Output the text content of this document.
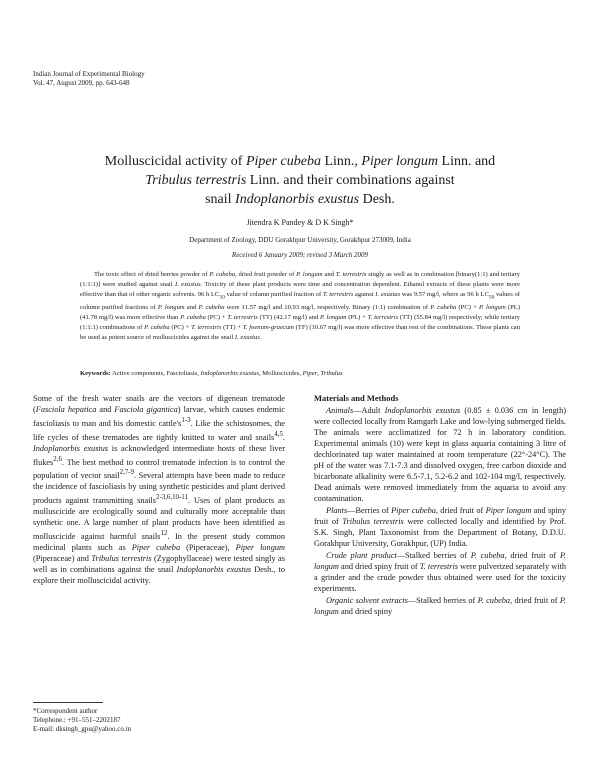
Indian Journal of Experimental Biology
Vol. 47, August 2009, pp. 643-648
Molluscicidal activity of Piper cubeba Linn., Piper longum Linn. and
Tribulus terrestris Linn. and their combinations against
snail Indoplanorbis exustus Desh.
Jitendra K Pandey & D K Singh*
Department of Zoology, DDU Gorakhpur University, Gorakhpur 273009, India
Received 6 January 2009; revised 3 March 2009
The toxic effect of dried berries powder of P. cubeba, dried fruit powder of P. longum and T. terrestris singly as well as in combination [binary(1:1) and tertiary (1:1:1)] were studied against snail I. exustus. Toxicity of these plant products were time and concentration dependent. Ethanol extracts of these plants were more effective than that of other organic solvents. 96 h $LC_{50}$ value of column purified fraction of T. terrestris against I. exustus was 9.57 mg/l, where as 96 h $LC_{50}$ values of column purified fractions of P. longum and P. cubeba were 11.57 mg/l and 10.93 mg/l, respectively. Binary (1:1) combination of P. cubeba (PC) + P. longum (PL) (41.78 mg/l) was more effective than P. cubeba (PC) + T. terrestris (TT) (42.17 mg/l) and P. longum (PL) + T. terrestris (TT) (55.84 mg/l) respectively; while tertiary (1:1:1) combinations of P. cubeba (PC) + T. terrestris (TT) + T. foenum-graecum (TF) (10.67 mg/l) was more effective than rest of the combinations. These plants can be used as potent source of molluscicides against the snail I. exustus.
Keywords: Active components, Fascioliasis, Indoplanorbis exustus, Molluscicides, Piper, Tribulus

Some of the fresh water snails are the vectors of digenean trematode (Fasciola hepatica and Fasciola gigantica) larvae, which causes endemic fascioliasis to man and his domestic $cattle's^{1-3}$. Like the schistosomes, the life cycles of these trematodes are tightly knitted to water and snails$^{4,5}$. Indoplanorbis exustus is acknowledged intermediate hosts of these liver flukes$^{2,6}$. The best method to control trematode infection is to control the population of vector snail$^{2,7-9}$. Several attempts have been made to reduce the incidence of fascioliasis by using synthetic pesticides and plant derived products against transmitting snails$^{2-3,6,10-11}$. Uses of plant products as molluscicide are ecologically sound and culturally more acceptable than synthetic one. A large number of plant products have been identified as molluscicide against harmful snails$^{12}$. In the present study common medicinal plants such as Piper cubeba (Piperaceae), Piper longum (Piperaceae) and Tribulus terrestris (Zygophyllaceae) were tested singly as well as in combinations against the snail Indoplanorbis exustus Desh., to explore their molluscicidal activity.

*Correspondent author
Telephone.: +91–551–2202187
E-mail: dksingh_gpu@yahoo.co.in
Materials and Methods

Animals—Adult Indoplanorbis exustus (0.85 ± 0.036 cm in length) were collected locally from Ramgarh Lake and low-lying submerged fields. The animals were acclimatized for 72 h in laboratory condition. Experimental animals (10) were kept in glass aquaria containing 3 litre of dechlorinated tap water maintained at room temperature (22°-24°C). The pH of the water was 7.1-7.3 and dissolved oxygen, free carbon dioxide and bicarbonate alkalinity were 6.5-7.1, 5.2-6.2 and 102-104 mg/l, respectively. Dead animals were removed immediately from the aquaria to avoid any contamination.

Plants—Berries of Piper cubeba, dried fruit of Piper longum and spiny fruit of Tribulus terrestris were collected locally and identified by Prof. S.K. Singh, Plant Taxonomist from the Department of Botany, D.D.U. Gorakhpur University, Gorakhpur, (UP) India.

Crude plant product—Stalked berries of P. cubeba, dried fruit of P. longum and dried spiny fruit of T. terrestris were pulverized separately with a grinder and the crude powder thus obtained were used for the toxicity experiments.

Organic solvent extracts—Stalked berries of P. cubeba, dried fruit of P. longum and dried spiny
